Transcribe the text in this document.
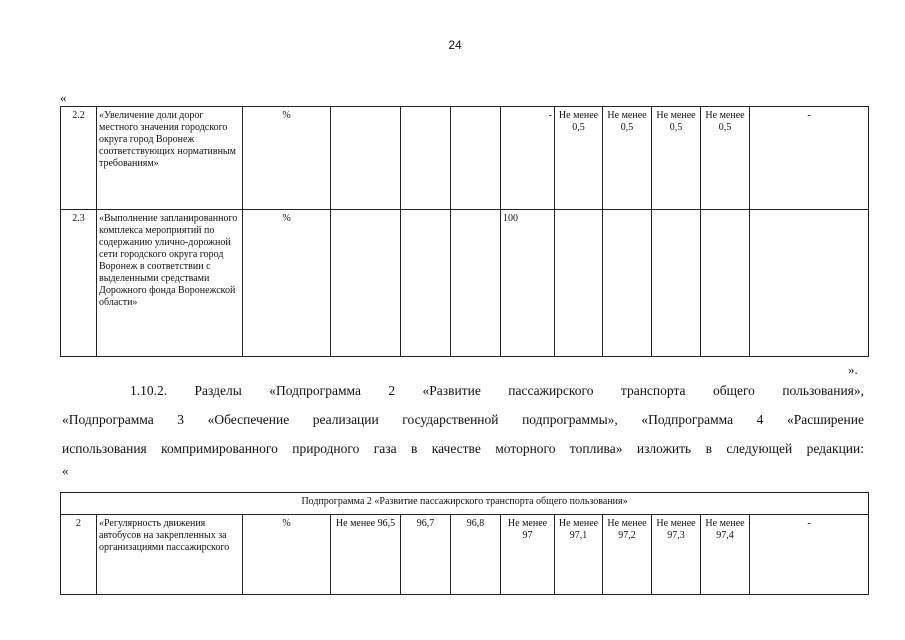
24
«
2.2	«Увеличение доли дорог местного значения городского округа город Воронеж соответствующих нормативным требованиям»	%				-	Не менее 0,5	Не менее 0,5	Не менее 0,5	Не менее 0,5	-
2.3	«Выполнение запланированного комплекса мероприятий по содержанию улично-дорожной сети городского округа город Воронеж в соответствии с выделенными средствами Дорожного фонда Воронежской области»	%				100					
».
1.10.2. Разделы «Подпрограмма 2 «Развитие пассажирского транспорта общего пользования»,
«Подпрограмма 3 «Обеспечение реализации государственной подпрограммы», «Подпрограмма 4 «Расширение
использования компримированного природного газа в качестве моторного топлива» изложить в следующей редакции:
«
Подпрограмма 2 «Развитие пассажирского транспорта общего пользования»
2	«Регулярность движения автобусов на закрепленных за организациями пассажирского	%	Не менее 96,5	96,7	96,8	Не менее 97	Не менее 97,1	Не менее 97,2	Не менее 97,3	Не менее 97,4	-
